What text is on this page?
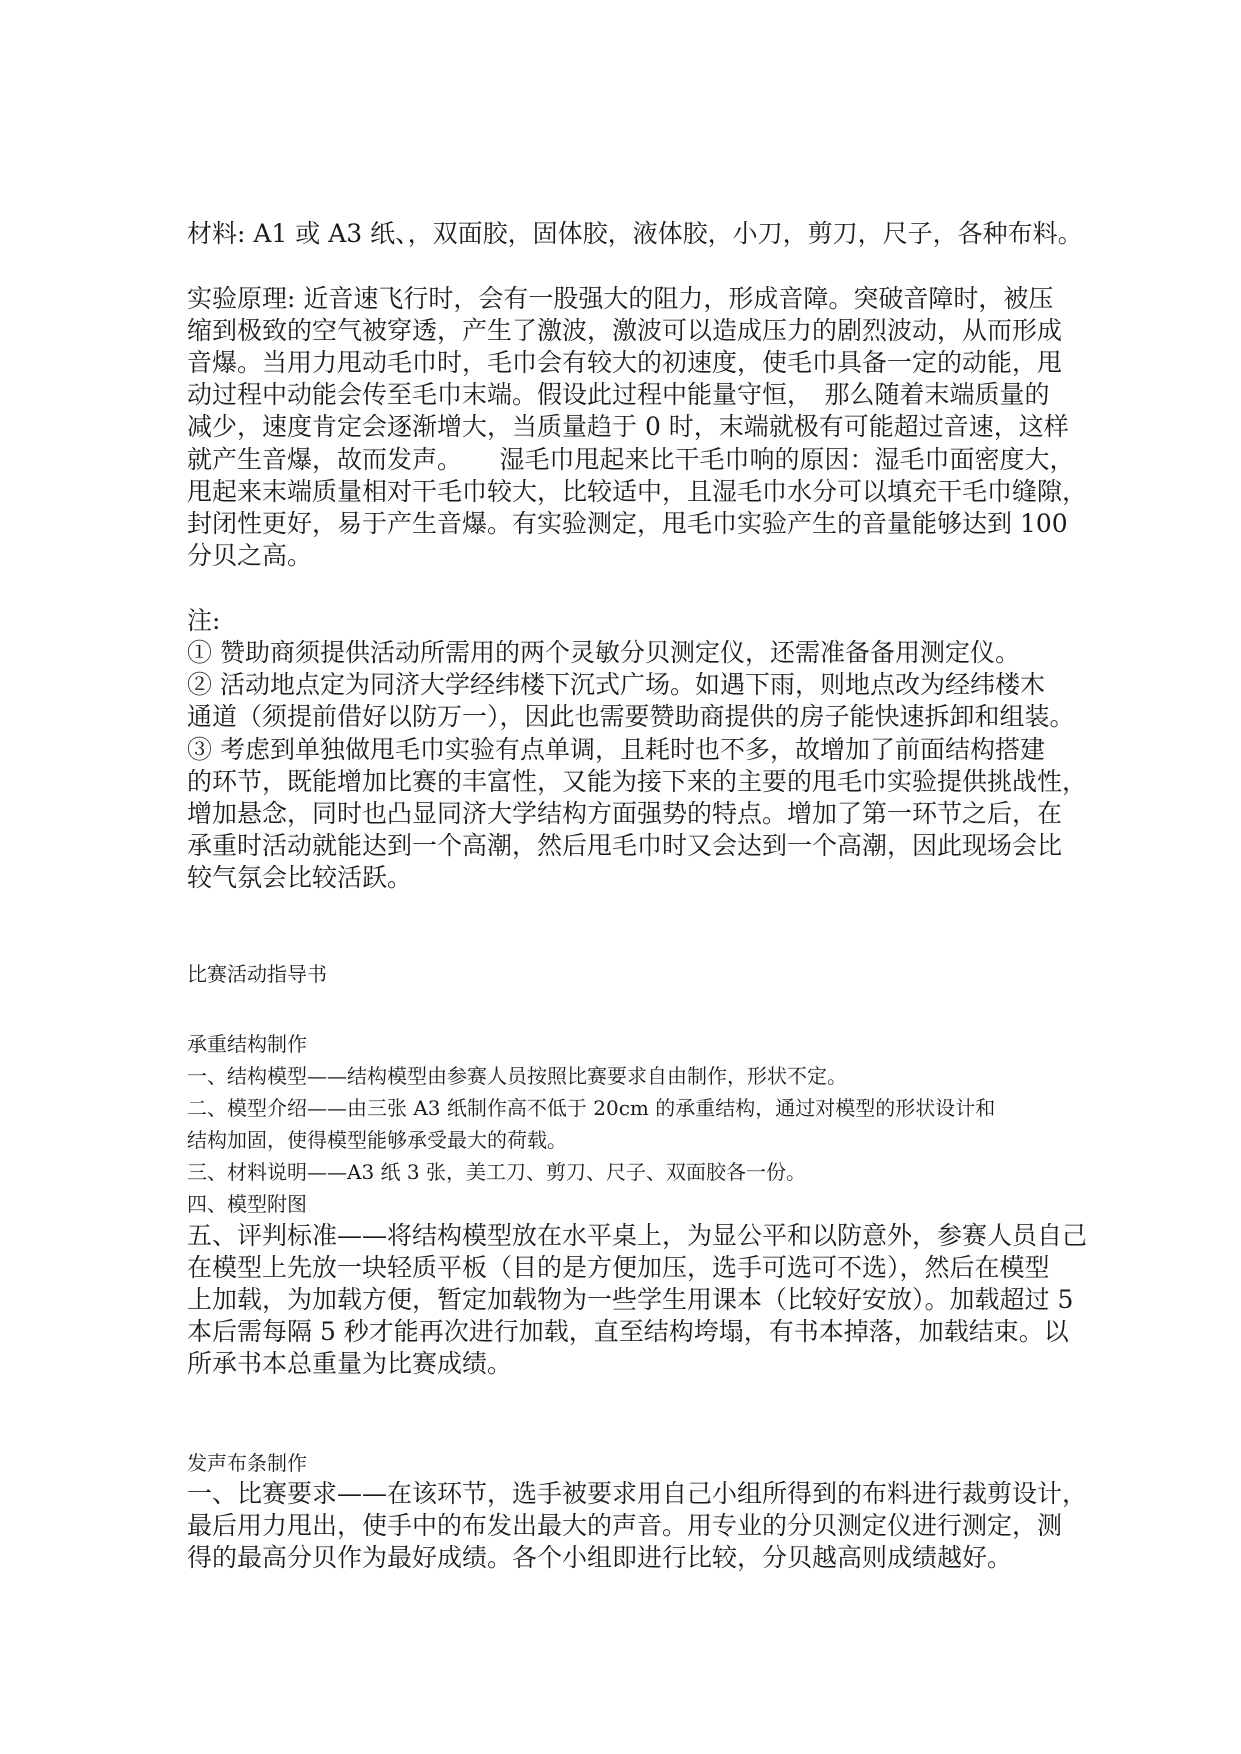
材料: A1 或 A3 纸、，双面胶，固体胶，液体胶，小刀，剪刀，尺子，各种布料。
实验原理: 近音速飞行时，会有一股强大的阻力，形成音障。突破音障时，被压
缩到极致的空气被穿透，产生了激波，激波可以造成压力的剧烈波动，从而形成
音爆。当用力甩动毛巾时，毛巾会有较大的初速度，使毛巾具备一定的动能，甩
动过程中动能会传至毛巾末端。假设此过程中能量守恒，　那么随着末端质量的
减少，速度肯定会逐渐增大，当质量趋于 0 时，末端就极有可能超过音速，这样
就产生音爆，故而发声。　　湿毛巾甩起来比干毛巾响的原因：湿毛巾面密度大，
甩起来末端质量相对干毛巾较大，比较适中，且湿毛巾水分可以填充干毛巾缝隙，
封闭性更好，易于产生音爆。有实验测定，甩毛巾实验产生的音量能够达到 100
分贝之高。
注:
① 赞助商须提供活动所需用的两个灵敏分贝测定仪，还需准备备用测定仪。
② 活动地点定为同济大学经纬楼下沉式广场。如遇下雨，则地点改为经纬楼木
通道（须提前借好以防万一），因此也需要赞助商提供的房子能快速拆卸和组装。
③ 考虑到单独做甩毛巾实验有点单调，且耗时也不多，故增加了前面结构搭建
的环节，既能增加比赛的丰富性，又能为接下来的主要的甩毛巾实验提供挑战性，
增加悬念，同时也凸显同济大学结构方面强势的特点。增加了第一环节之后，在
承重时活动就能达到一个高潮，然后甩毛巾时又会达到一个高潮，因此现场会比
较气氛会比较活跃。
比赛活动指导书
承重结构制作
一、结构模型——结构模型由参赛人员按照比赛要求自由制作，形状不定。
二、模型介绍——由三张 A3 纸制作高不低于 20cm 的承重结构，通过对模型的形状设计和
结构加固，使得模型能够承受最大的荷载。
三、材料说明——A3 纸 3 张，美工刀、剪刀、尺子、双面胶各一份。
四、模型附图
五、评判标准——将结构模型放在水平桌上，为显公平和以防意外，参赛人员自己
在模型上先放一块轻质平板（目的是方便加压，选手可选可不选），然后在模型
上加载，为加载方便，暂定加载物为一些学生用课本（比较好安放）。加载超过 5
本后需每隔 5 秒才能再次进行加载，直至结构垮塌，有书本掉落，加载结束。以
所承书本总重量为比赛成绩。
发声布条制作
一、比赛要求——在该环节，选手被要求用自己小组所得到的布料进行裁剪设计，
最后用力甩出，使手中的布发出最大的声音。用专业的分贝测定仪进行测定，测
得的最高分贝作为最好成绩。各个小组即进行比较，分贝越高则成绩越好。
